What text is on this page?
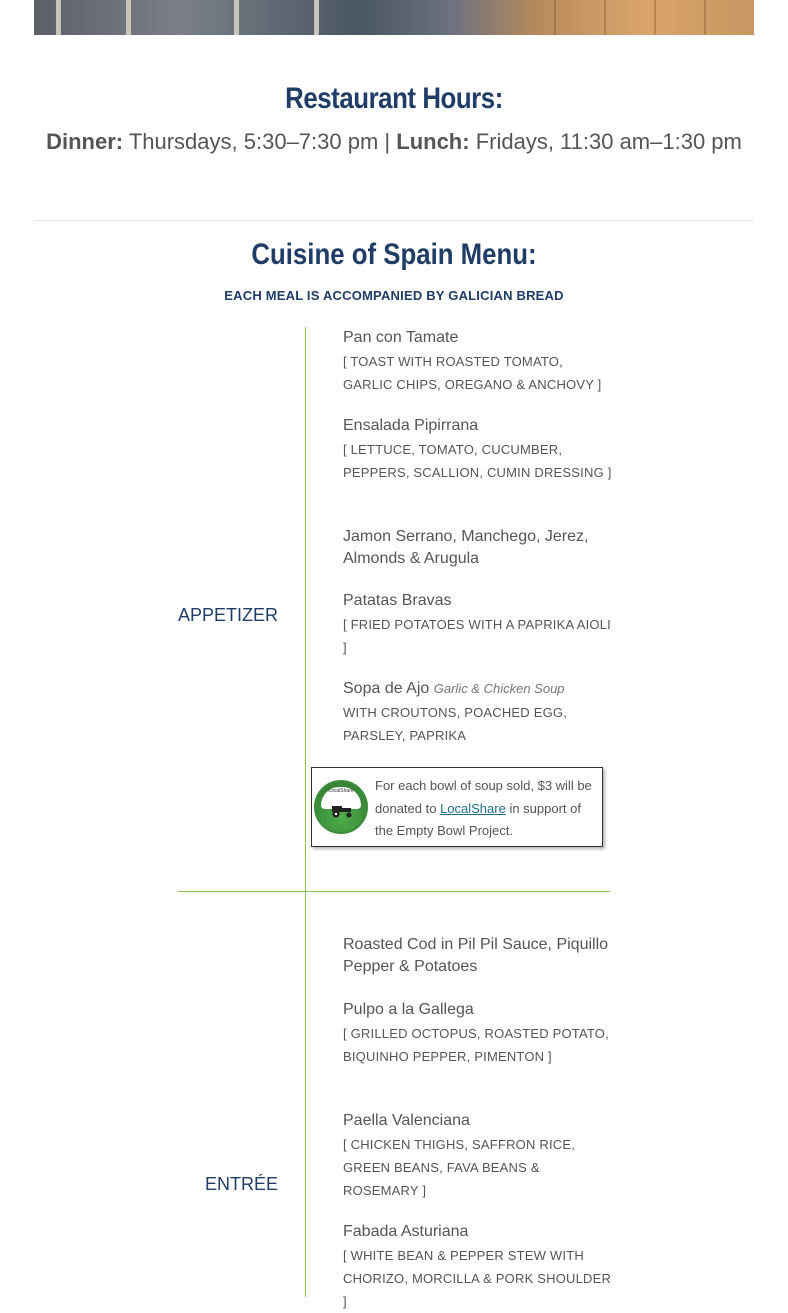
Restaurant Hours:
Dinner: Thursdays, 5:30–7:30 pm | Lunch: Fridays, 11:30 am–1:30 pm
Cuisine of Spain Menu:
EACH MEAL IS ACCOMPANIED BY GALICIAN BREAD
APPETIZER
Pan con Tamate
[ TOAST WITH ROASTED TOMATO, GARLIC CHIPS, OREGANO & ANCHOVY ]
Ensalada Pipirrana
[ LETTUCE, TOMATO, CUCUMBER, PEPPERS, SCALLION, CUMIN DRESSING ]
Jamon Serrano, Manchego, Jerez, Almonds & Arugula
Patatas Bravas
[ FRIED POTATOES WITH A PAPRIKA AIOLI ]
Sopa de Ajo Garlic & Chicken Soup
WITH CROUTONS, POACHED EGG, PARSLEY, PAPRIKA
LocalShare	For each bowl of soup sold, $3 will be donated to LocalShare in support of the Empty Bowl Project.
ENTRÉE
Roasted Cod in Pil Pil Sauce, Piquillo Pepper & Potatoes
Pulpo a la Gallega
[ GRILLED OCTOPUS, ROASTED POTATO, BIQUINHO PEPPER, PIMENTON ]
Paella Valenciana
[ CHICKEN THIGHS, SAFFRON RICE, GREEN BEANS, FAVA BEANS & ROSEMARY ]
Fabada Asturiana
[ WHITE BEAN & PEPPER STEW WITH CHORIZO, MORCILLA & PORK SHOULDER ]
